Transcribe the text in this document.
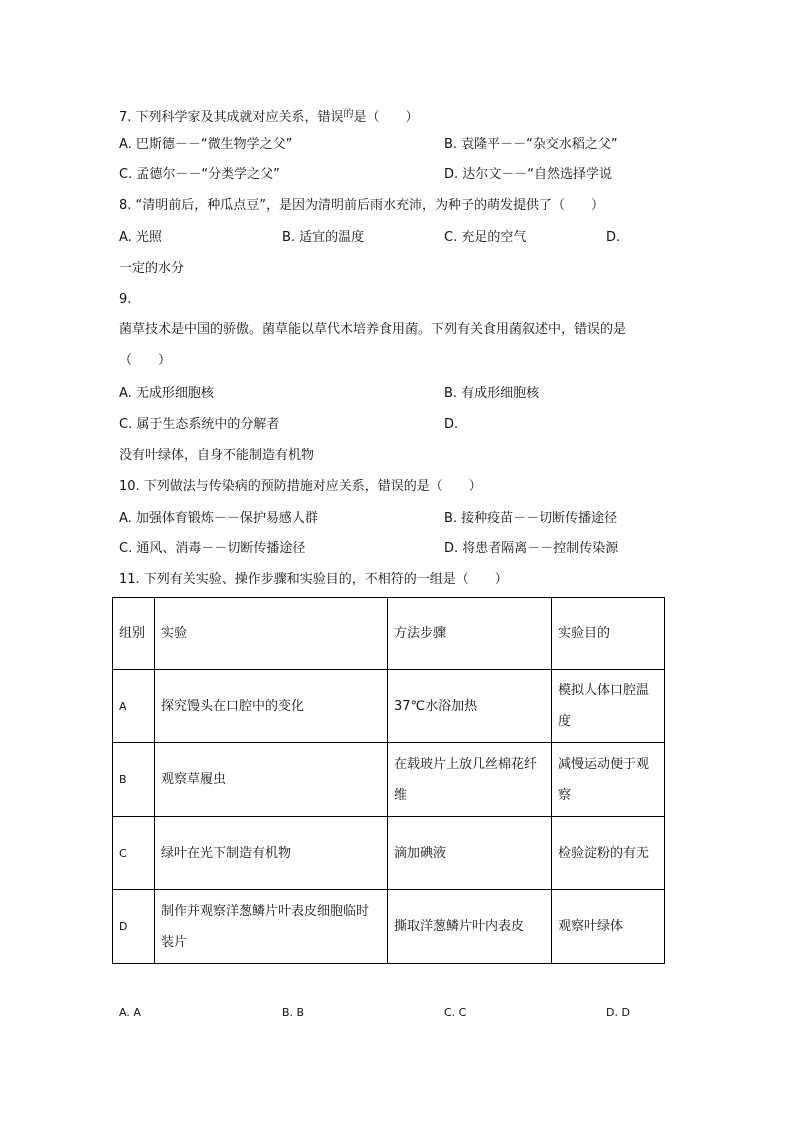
7. 下列科学家及其成就对应关系，错误$^的$是（　　）
A. 巴斯德－－“微生物学之父”	B. 袁隆平－－“杂交水稻之父”
C. 孟德尔－－“分类学之父”	D. 达尔文－－“自然选择学说
8. “清明前后，种瓜点豆”，是因为清明前后雨水充沛，为种子的萌发提供了（　　）
A. 光照	B. 适宜的温度	C. 充足的空气	D.
一定的水分
9.
菌草技术是中国的骄傲。菌草能以草代木培养食用菌。下列有关食用菌叙述中，错误的是
（　　）
A. 无成形细胞核	B. 有成形细胞核
C. 属于生态系统中的分解者	D.
没有叶绿体，自身不能制造有机物
10. 下列做法与传染病的预防措施对应关系，错误的是（　　）
A. 加强体育锻炼－－保护易感人群	B. 接种疫苗－－切断传播途径
C. 通风、消毒－－切断传播途径	D. 将患者隔离－－控制传染源
11. 下列有关实验、操作步骤和实验目的，不相符的一组是（　　）
组别	实验	方法步骤	实验目的
A	探究馒头在口腔中的变化	37℃水浴加热	模拟人体口腔温度
B	观察草履虫	在载玻片上放几丝棉花纤维	减慢运动便于观察
C	绿叶在光下制造有机物	滴加碘液	检验淀粉的有无
D	制作并观察洋葱鳞片叶表皮细胞临时装片	撕取洋葱鳞片叶内表皮	观察叶绿体
A. A	B. B	C. C	D. D
